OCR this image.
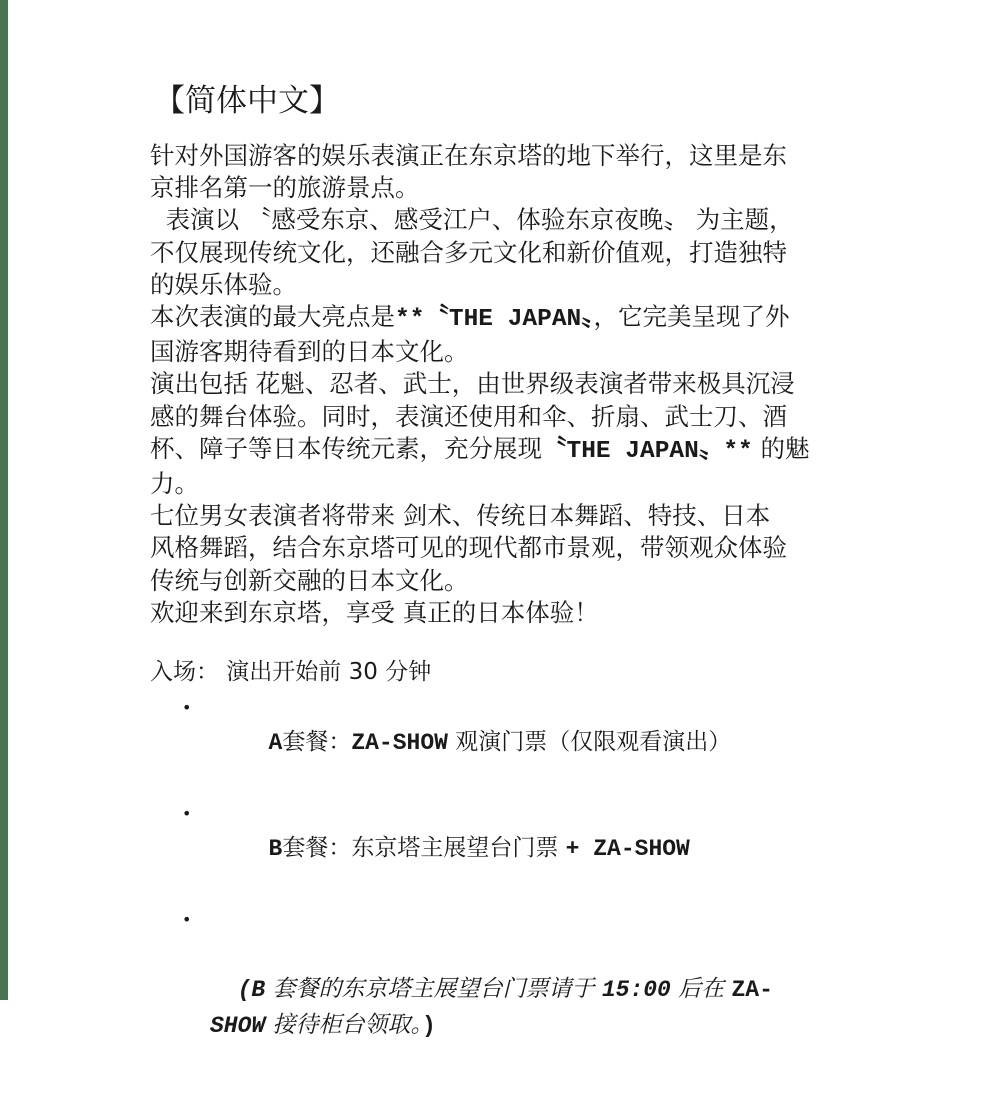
【简体中文】
针对外国游客的娱乐表演正在东京塔的地下举行，这里是东
京排名第一的旅游景点。
表演以 〝感受东京、感受江户、体验东京夜晚〟 为主题，
不仅展现传统文化，还融合多元文化和新价值观，打造独特
的娱乐体验。
本次表演的最大亮点是**〝THE JAPAN〟，它完美呈现了外
国游客期待看到的日本文化。
演出包括 花魁、忍者、武士，由世界级表演者带来极具沉浸
感的舞台体验。同时，表演还使用和伞、折扇、武士刀、酒
杯、障子等日本传统元素，充分展现〝THE JAPAN〟** 的魅
力。
七位男女表演者将带来 剑术、传统日本舞蹈、特技、日本
风格舞蹈，结合东京塔可见的现代都市景观，带领观众体验
传统与创新交融的日本文化。
欢迎来到东京塔，享受 真正的日本体验！
入场： 演出开始前 30 分钟

•
A套餐：ZA-SHOW 观演门票（仅限观看演出）

•
B套餐：东京塔主展望台门票 + ZA-SHOW

•
(B 套餐的东京塔主展望台门票请于 15:00 后在 ZA-
SHOW 接待柜台领取。)
